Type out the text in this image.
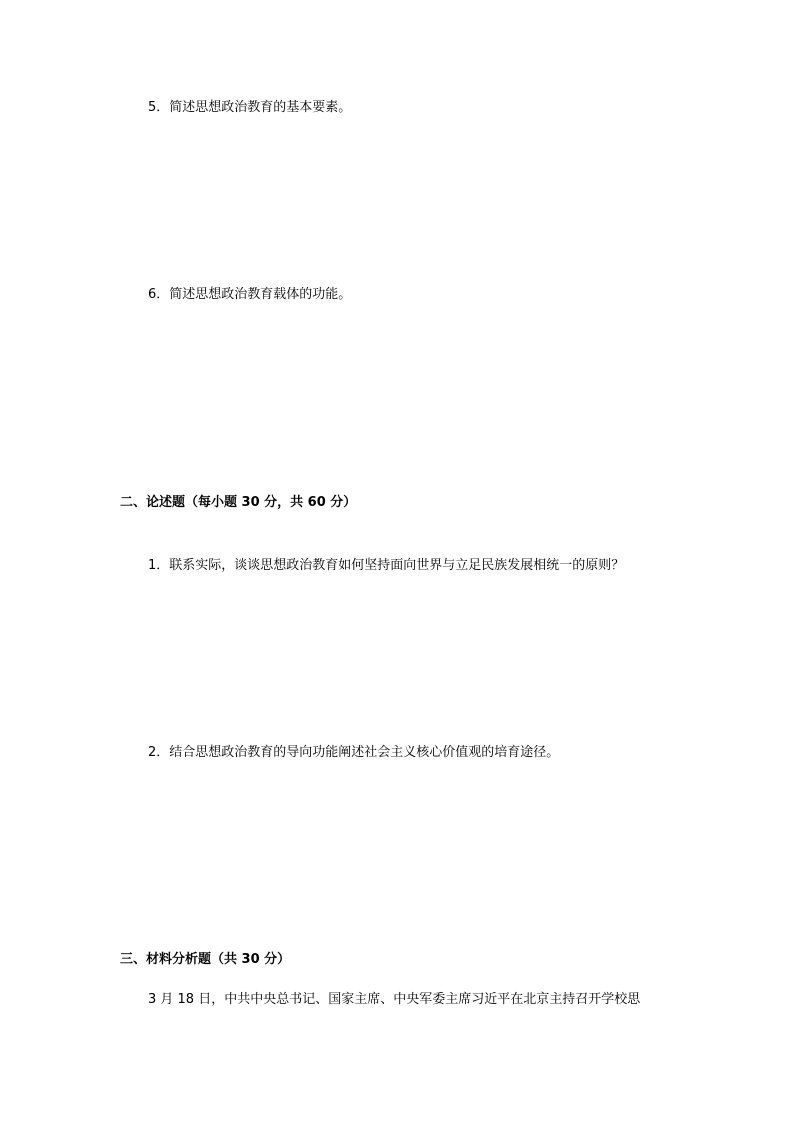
5．简述思想政治教育的基本要素。
6．简述思想政治教育载体的功能。
二、论述题（每小题 30 分，共 60 分）
1．联系实际，谈谈思想政治教育如何坚持面向世界与立足民族发展相统一的原则？
2．结合思想政治教育的导向功能阐述社会主义核心价值观的培育途径。
三、材料分析题（共 30 分）
3 月 18 日，中共中央总书记、国家主席、中央军委主席习近平在北京主持召开学校思
